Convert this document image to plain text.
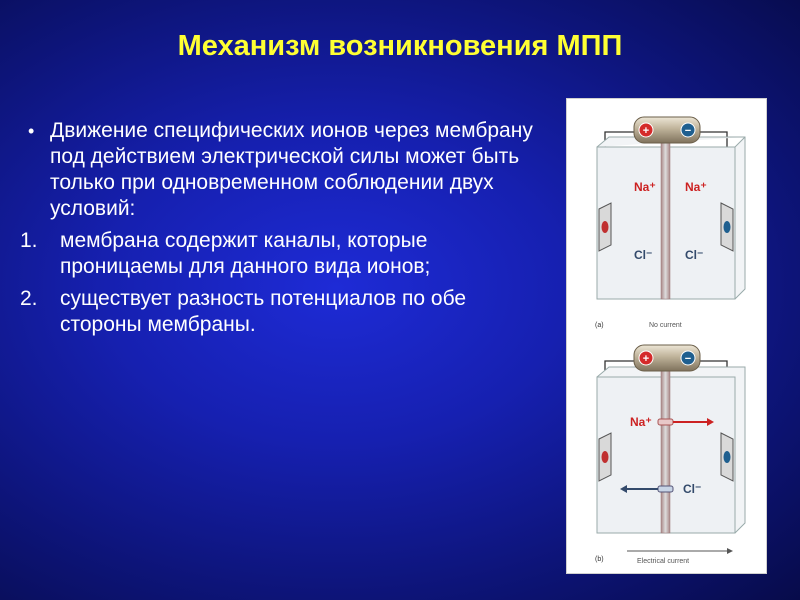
Механизм возникновения МПП
• Движение специфических ионов через мембрану под действием электрической силы может быть только при одновременном соблюдении двух условий:
1.	мембрана содержит каналы, которые проницаемы для данного вида ионов;
2.	существует разность потенциалов по обе стороны мембраны.
+	−
Na⁺ Na⁺
Cl⁻	Cl⁻
(a)	No current
+	−
Na⁺
Cl⁻
(b)	Electrical current
